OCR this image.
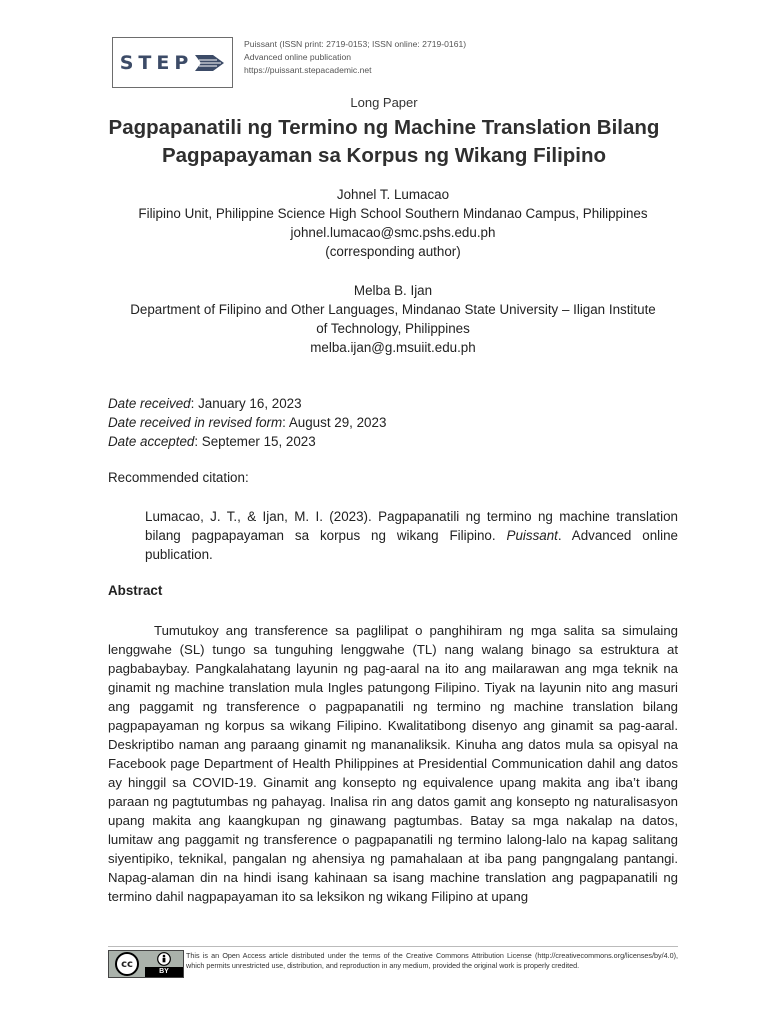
STEP
Puissant (ISSN print: 2719-0153; ISSN online: 2719-0161)
Advanced online publication
https://puissant.stepacademic.net
Long Paper
Pagpapanatili ng Termino ng Machine Translation Bilang
Pagpapayaman sa Korpus ng Wikang Filipino
Johnel T. Lumacao
Filipino Unit, Philippine Science High School Southern Mindanao Campus, Philippines
johnel.lumacao@smc.pshs.edu.ph
(corresponding author)
Melba B. Ijan
Department of Filipino and Other Languages, Mindanao State University – Iligan Institute
of Technology, Philippines
melba.ijan@g.msuiit.edu.ph
Date received: January 16, 2023
Date received in revised form: August 29, 2023
Date accepted: Septemer 15, 2023
Recommended citation:
Lumacao, J. T., & Ijan, M. I. (2023). Pagpapanatili ng termino ng machine translation bilang pagpapayaman sa korpus ng wikang Filipino. Puissant. Advanced online publication.
Abstract

Tumutukoy ang transference sa paglilipat o panghihiram ng mga salita sa simulaing lenggwahe (SL) tungo sa tunguhing lenggwahe (TL) nang walang binago sa estruktura at pagbabaybay. Pangkalahatang layunin ng pag-aaral na ito ang mailarawan ang mga teknik na ginamit ng machine translation mula Ingles patungong Filipino. Tiyak na layunin nito ang masuri ang paggamit ng transference o pagpapanatili ng termino ng machine translation bilang pagpapayaman ng korpus sa wikang Filipino. Kwalitatibong disenyo ang ginamit sa pag-aaral. Deskriptibo naman ang paraang ginamit ng mananaliksik. Kinuha ang datos mula sa opisyal na Facebook page Department of Health Philippines at Presidential Communication dahil ang datos ay hinggil sa COVID-19. Ginamit ang konsepto ng equivalence upang makita ang iba’t ibang paraan ng pagtutumbas ng pahayag. Inalisa rin ang datos gamit ang konsepto ng naturalisasyon upang makita ang kaangkupan ng ginawang pagtumbas. Batay sa mga nakalap na datos, lumitaw ang paggamit ng transference o pagpapanatili ng termino lalong-lalo na kapag salitang siyentipiko, teknikal, pangalan ng ahensiya ng pamahalaan at iba pang pangngalang pantangi. Napag-alaman din na hindi isang kahinaan sa isang machine translation ang pagpapanatili ng termino dahil nagpapayaman ito sa leksikon ng wikang Filipino at upang

cc
BY
This is an Open Access article distributed under the terms of the Creative Commons Attribution License (http://creativecommons.org/licenses/by/4.0), which permits unrestricted use, distribution, and reproduction in any medium, provided the original work is properly credited.
